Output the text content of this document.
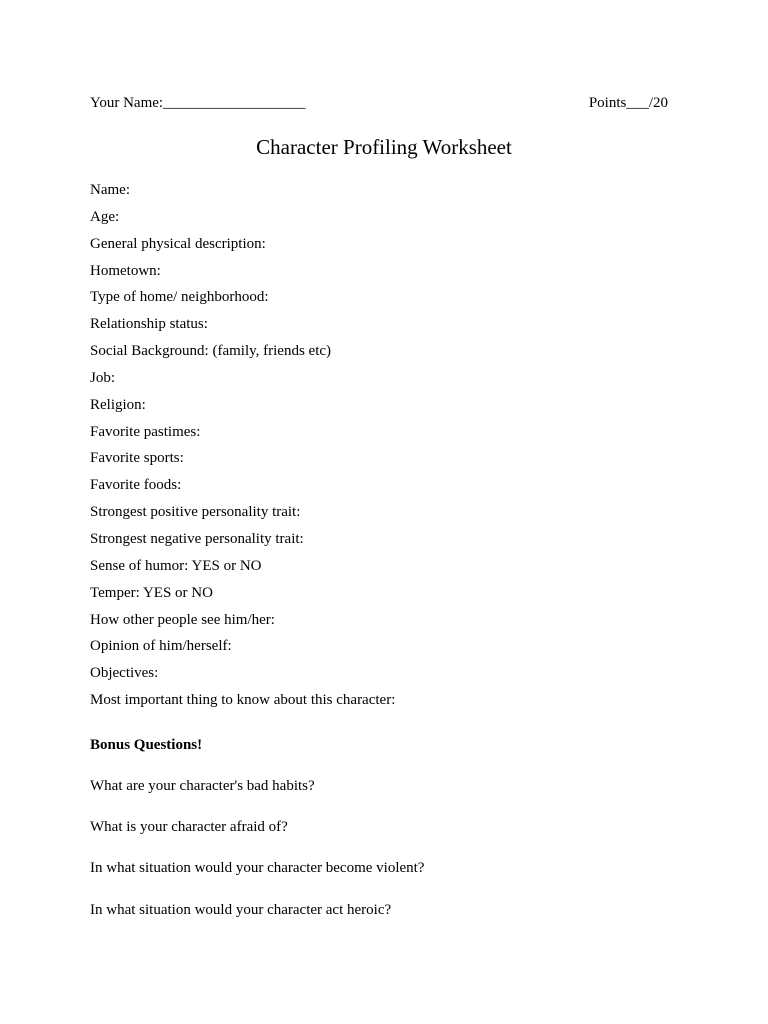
Your Name:___________________	Points___/20
Character Profiling Worksheet
Name:
Age:
General physical description:
Hometown:
Type of home/ neighborhood:
Relationship status:
Social Background: (family, friends etc)
Job:
Religion:
Favorite pastimes:
Favorite sports:
Favorite foods:
Strongest positive personality trait:
Strongest negative personality trait:
Sense of humor: YES or NO
Temper: YES or NO
How other people see him/her:
Opinion of him/herself:
Objectives:
Most important thing to know about this character:
Bonus Questions!
What are your character's bad habits?
What is your character afraid of?
In what situation would your character become violent?
In what situation would your character act heroic?
